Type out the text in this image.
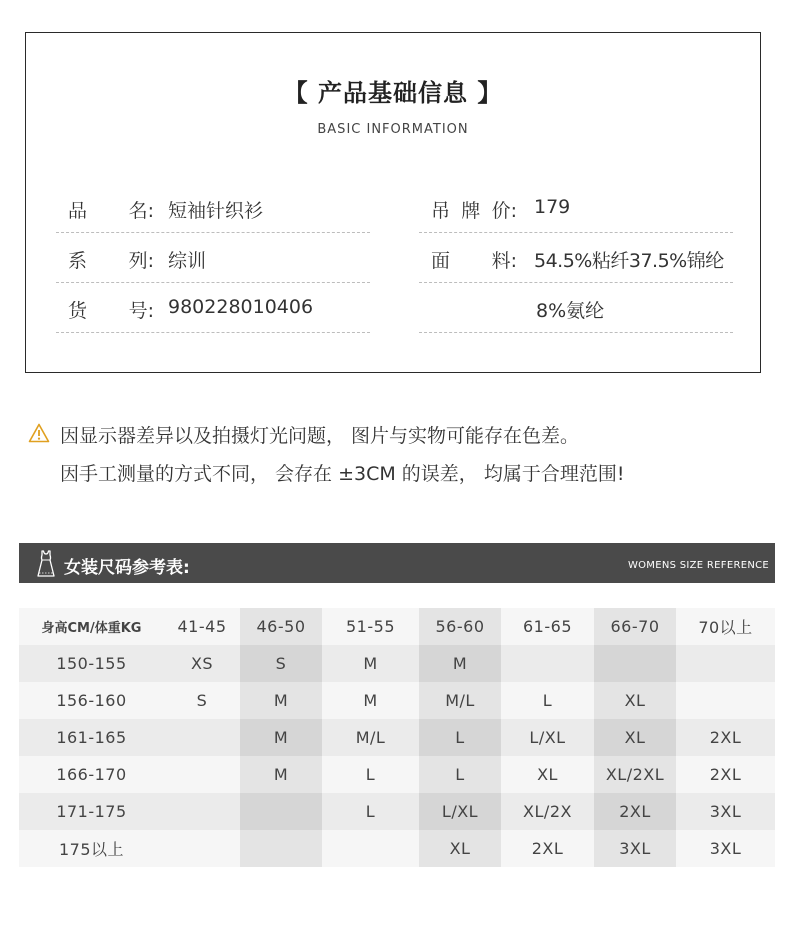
【 产品基础信息 】
BASIC INFORMATION
品 名: 短袖针织衫
系 列: 综训
货 号: 980228010406
吊 牌 价: 179
面 料: 54.5%粘纤37.5%锦纶
8%氨纶
因显示器差异以及拍摄灯光问题， 图片与实物可能存在色差。
因手工测量的方式不同， 会存在 ±3CM 的误差， 均属于合理范围!
女装尺码参考表:	WOMENS SIZE REFERENCE
身高CM/体重KG	41-45	46-50	51-55	56-60	61-65	66-70	70以上
150-155	XS	S	M	M			
156-160	S	M	M	M/L	L	XL	
161-165		M	M/L	L	L/XL	XL	2XL
166-170		M	L	L	XL	XL/2XL	2XL
171-175			L	L/XL	XL/2X	2XL	3XL
175以上				XL	2XL	3XL	3XL
